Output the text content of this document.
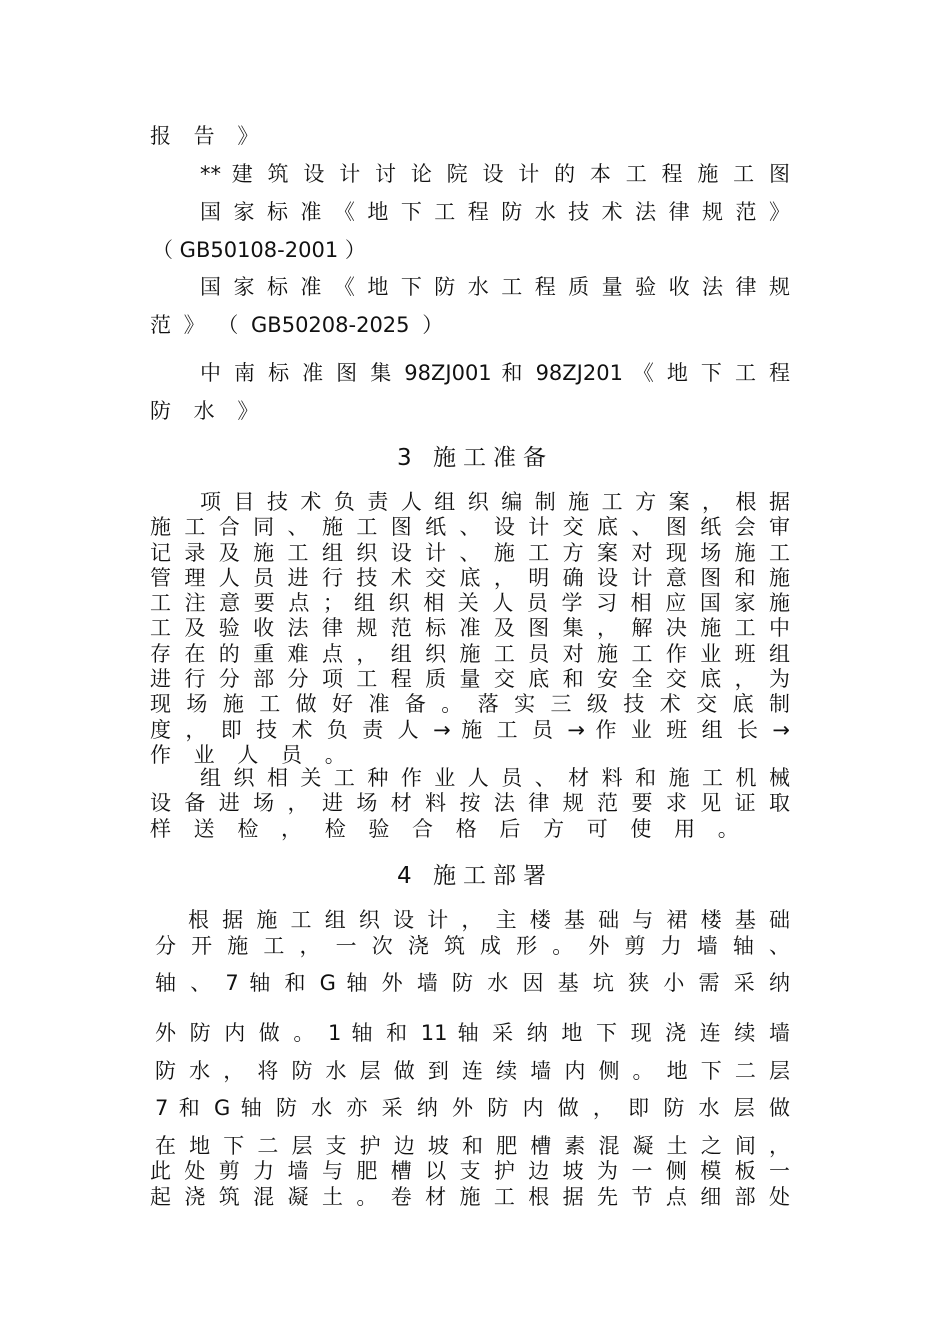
报 告 》
** 建 筑 设 计 讨 论 院 设 计 的 本 工 程 施 工 图
国 家 标 准 《 地 下 工 程 防 水 技 术 法 律 规 范 》
（ GB50108-2001 ）
国 家 标 准 《 地 下 防 水 工 程 质 量 验 收 法 律 规
范 》 （ GB50208-2025 ）
中 南 标 准 图 集 98ZJ001 和 98ZJ201 《 地 下 工 程
防 水 》
3 施工准备
项 目 技 术 负 责 人 组 织 编 制 施 工 方 案 ， 根 据
施 工 合 同 、 施 工 图 纸 、 设 计 交 底 、 图 纸 会 审
记 录 及 施 工 组 织 设 计 、 施 工 方 案 对 现 场 施 工
管 理 人 员 进 行 技 术 交 底 ， 明 确 设 计 意 图 和 施
工 注 意 要 点 ； 组 织 相 关 人 员 学 习 相 应 国 家 施
工 及 验 收 法 律 规 范 标 准 及 图 集 ， 解 决 施 工 中
存 在 的 重 难 点 ， 组 织 施 工 员 对 施 工 作 业 班 组
进 行 分 部 分 项 工 程 质 量 交 底 和 安 全 交 底 ， 为
现 场 施 工 做 好 准 备 。 落 实 三 级 技 术 交 底 制
度 ， 即 技 术 负 责 人 → 施 工 员 → 作 业 班 组 长 →
作 业 人 员 。
组 织 相 关 工 种 作 业 人 员 、 材 料 和 施 工 机 械
设 备 进 场 ， 进 场 材 料 按 法 律 规 范 要 求 见 证 取
样 送 检 ， 检 验 合 格 后 方 可 使 用 。
4 施工部署
根 据 施 工 组 织 设 计 ， 主 楼 基 础 与 裙 楼 基 础
分 开 施 工 ， 一 次 浇 筑 成 形 。 外 剪 力 墙 轴 、
轴 、 7 轴 和 G 轴 外 墙 防 水 因 基 坑 狭 小 需 采 纳
外 防 内 做 。 1 轴 和 11 轴 采 纳 地 下 现 浇 连 续 墙
防 水 ， 将 防 水 层 做 到 连 续 墙 内 侧 。 地 下 二 层
7 和 G 轴 防 水 亦 采 纳 外 防 内 做 ， 即 防 水 层 做
在 地 下 二 层 支 护 边 坡 和 肥 槽 素 混 凝 土 之 间 ，
此 处 剪 力 墙 与 肥 槽 以 支 护 边 坡 为 一 侧 模 板 一
起 浇 筑 混 凝 土 。 卷 材 施 工 根 据 先 节 点 细 部 处
